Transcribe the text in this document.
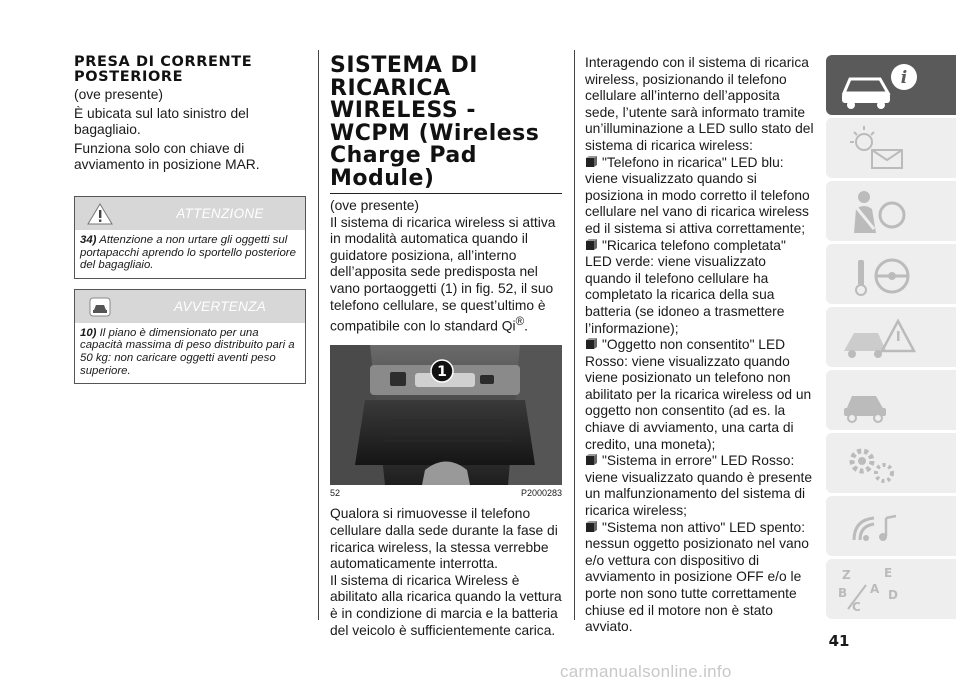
PRESA DI CORRENTE POSTERIORE

(ove presente)

È ubicata sul lato sinistro del bagagliaio.

Funziona solo con chiave di avviamento in posizione MAR.

ATTENZIONE
34) Attenzione a non urtare gli oggetti sul portapacchi aprendo lo sportello posteriore del bagagliaio.
AVVERTENZA
10) Il piano è dimensionato per una capacità massima di peso distribuito pari a 50 kg: non caricare oggetti aventi peso superiore.
SISTEMA DI RICARICA WIRELESS - WCPM (Wireless Charge Pad Module)

(ove presente)

Il sistema di ricarica wireless si attiva in modalità automatica quando il guidatore posiziona, all’interno dell’apposita sede predisposta nel vano portaoggetti (1) in fig. 52, il suo telefono cellulare, se quest’ultimo è compatibile con lo standard Qi®.

1
52	P2000283

Qualora si rimuovesse il telefono cellulare dalla sede durante la fase di ricarica wireless, la stessa verrebbe automaticamente interrotta.

Il sistema di ricarica Wireless è abilitato alla ricarica quando la vettura è in condizione di marcia e la batteria del veicolo è sufficientemente carica.

Interagendo con il sistema di ricarica wireless, posizionando il telefono cellulare all’interno dell’apposita sede, l’utente sarà informato tramite un’illuminazione a LED sullo stato del sistema di ricarica wireless:

"Telefono in ricarica" LED blu: viene visualizzato quando si posiziona in modo corretto il telefono cellulare nel vano di ricarica wireless ed il sistema si attiva correttamente;

"Ricarica telefono completata" LED verde: viene visualizzato quando il telefono cellulare ha completato la ricarica della sua batteria (se idoneo a trasmettere l’informazione);

"Oggetto non consentito" LED Rosso: viene visualizzato quando viene posizionato un telefono non abilitato per la ricarica wireless od un oggetto non consentito (ad es. la chiave di avviamento, una carta di credito, una moneta);

"Sistema in errore" LED Rosso: viene visualizzato quando è presente un malfunzionamento del sistema di ricarica wireless;

"Sistema non attivo" LED spento: nessun oggetto posizionato nel vano e/o vettura con dispositivo di avviamento in posizione OFF e/o le porte non sono tutte correttamente chiuse ed il motore non è stato avviato.

i
Z	E
B A D
C
41
carmanualsonline.info
